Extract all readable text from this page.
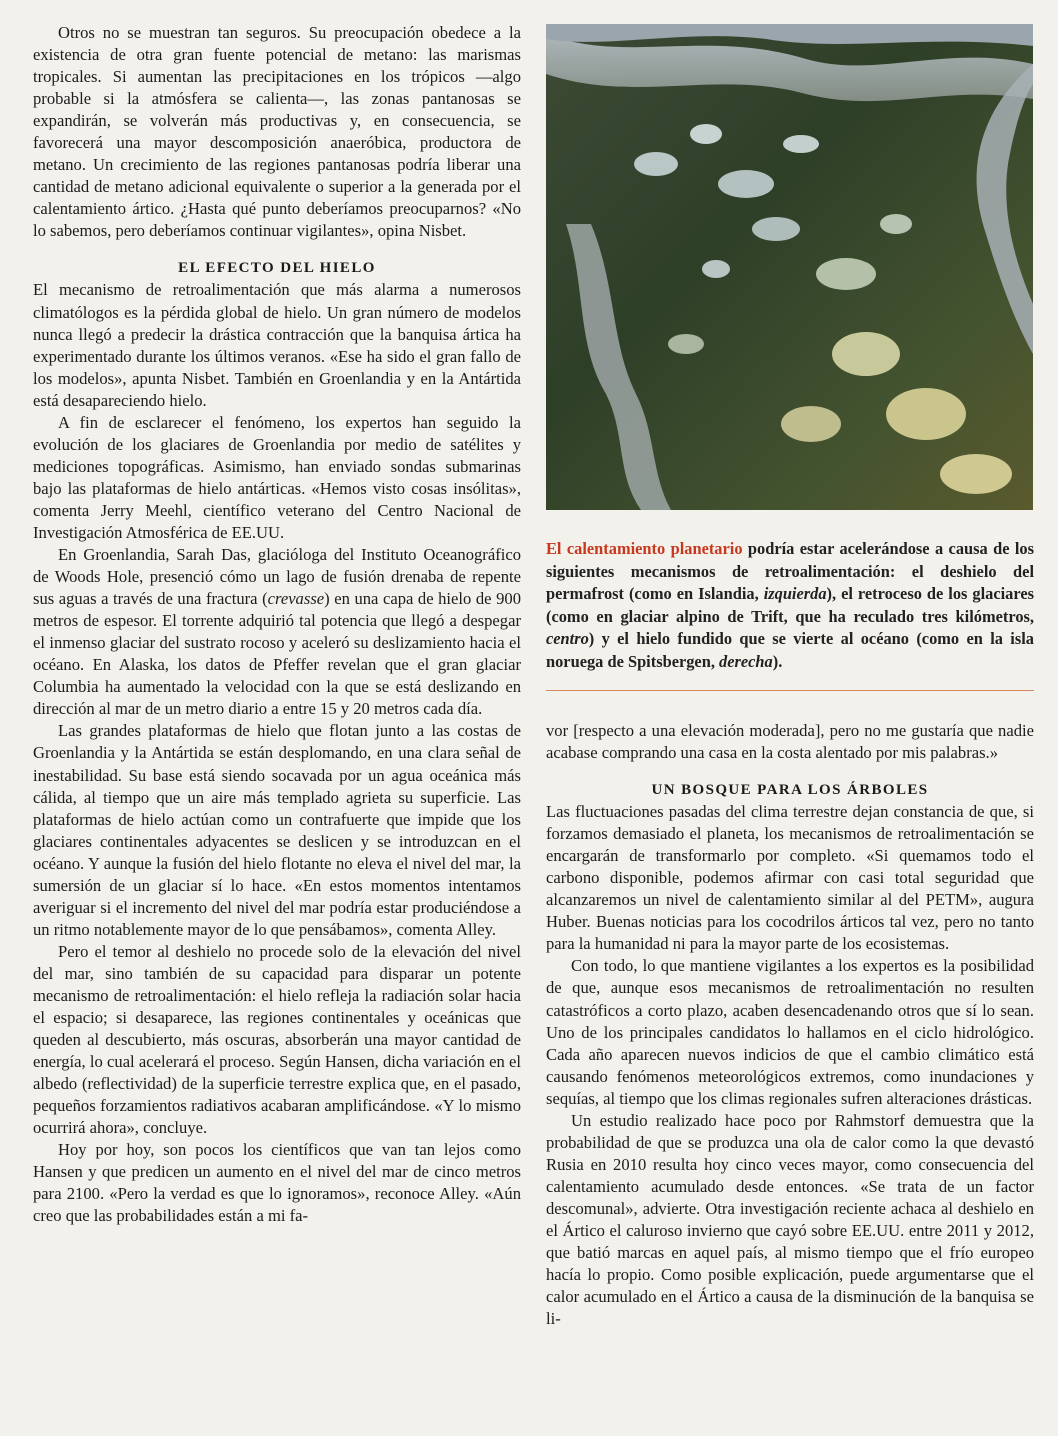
Otros no se muestran tan seguros. Su preocupación obedece a la existencia de otra gran fuente potencial de metano: las marismas tropicales. Si aumentan las precipitaciones en los trópicos —algo probable si la atmósfera se calienta—, las zonas pantanosas se expandirán, se volverán más productivas y, en consecuencia, se favorecerá una mayor descomposición anaeróbica, productora de metano. Un crecimiento de las regiones pantanosas podría liberar una cantidad de metano adicional equivalente o superior a la generada por el calentamiento ártico. ¿Hasta qué punto deberíamos preocuparnos? «No lo sabemos, pero deberíamos continuar vigilantes», opina Nisbet.

EL EFECTO DEL HIELO

El mecanismo de retroalimentación que más alarma a numerosos climatólogos es la pérdida global de hielo. Un gran número de modelos nunca llegó a predecir la drástica contracción que la banquisa ártica ha experimentado durante los últimos veranos. «Ese ha sido el gran fallo de los modelos», apunta Nisbet. También en Groenlandia y en la Antártida está desapareciendo hielo.

A fin de esclarecer el fenómeno, los expertos han seguido la evolución de los glaciares de Groenlandia por medio de satélites y mediciones topográficas. Asimismo, han enviado sondas submarinas bajo las plataformas de hielo antárticas. «Hemos visto cosas insólitas», comenta Jerry Meehl, científico veterano del Centro Nacional de Investigación Atmosférica de EE.UU.

En Groenlandia, Sarah Das, glacióloga del Instituto Oceanográfico de Woods Hole, presenció cómo un lago de fusión drenaba de repente sus aguas a través de una fractura (crevasse) en una capa de hielo de 900 metros de espesor. El torrente adquirió tal potencia que llegó a despegar el inmenso glaciar del sustrato rocoso y aceleró su deslizamiento hacia el océano. En Alaska, los datos de Pfeffer revelan que el gran glaciar Columbia ha aumentado la velocidad con la que se está deslizando en dirección al mar de un metro diario a entre 15 y 20 metros cada día.

Las grandes plataformas de hielo que flotan junto a las costas de Groenlandia y la Antártida se están desplomando, en una clara señal de inestabilidad. Su base está siendo socavada por un agua oceánica más cálida, al tiempo que un aire más templado agrieta su superficie. Las plataformas de hielo actúan como un contrafuerte que impide que los glaciares continentales adyacentes se deslicen y se introduzcan en el océano. Y aunque la fusión del hielo flotante no eleva el nivel del mar, la sumersión de un glaciar sí lo hace. «En estos momentos intentamos averiguar si el incremento del nivel del mar podría estar produciéndose a un ritmo notablemente mayor de lo que pensábamos», comenta Alley.

Pero el temor al deshielo no procede solo de la elevación del nivel del mar, sino también de su capacidad para disparar un potente mecanismo de retroalimentación: el hielo refleja la radiación solar hacia el espacio; si desaparece, las regiones continentales y oceánicas que queden al descubierto, más oscuras, absorberán una mayor cantidad de energía, lo cual acelerará el proceso. Según Hansen, dicha variación en el albedo (reflectividad) de la superficie terrestre explica que, en el pasado, pequeños forzamientos radiativos acabaran amplificándose. «Y lo mismo ocurrirá ahora», concluye.

Hoy por hoy, son pocos los científicos que van tan lejos como Hansen y que predicen un aumento en el nivel del mar de cinco metros para 2100. «Pero la verdad es que lo ignoramos», reconoce Alley. «Aún creo que las probabilidades están a mi fa-

El calentamiento planetario podría estar acelerándose a causa de los siguientes mecanismos de retroalimentación: el deshielo del permafrost (como en Islandia, izquierda), el retroceso de los glaciares (como en glaciar alpino de Trift, que ha reculado tres kilómetros, centro) y el hielo fundido que se vierte al océano (como en la isla noruega de Spitsbergen, derecha).

vor [respecto a una elevación moderada], pero no me gustaría que nadie acabase comprando una casa en la costa alentado por mis palabras.»

UN BOSQUE PARA LOS ÁRBOLES

Las fluctuaciones pasadas del clima terrestre dejan constancia de que, si forzamos demasiado el planeta, los mecanismos de retroalimentación se encargarán de transformarlo por completo. «Si quemamos todo el carbono disponible, podemos afirmar con casi total seguridad que alcanzaremos un nivel de calentamiento similar al del PETM», augura Huber. Buenas noticias para los cocodrilos árticos tal vez, pero no tanto para la humanidad ni para la mayor parte de los ecosistemas.

Con todo, lo que mantiene vigilantes a los expertos es la posibilidad de que, aunque esos mecanismos de retroalimentación no resulten catastróficos a corto plazo, acaben desencadenando otros que sí lo sean. Uno de los principales candidatos lo hallamos en el ciclo hidrológico. Cada año aparecen nuevos indicios de que el cambio climático está causando fenómenos meteorológicos extremos, como inundaciones y sequías, al tiempo que los climas regionales sufren alteraciones drásticas.

Un estudio realizado hace poco por Rahmstorf demuestra que la probabilidad de que se produzca una ola de calor como la que devastó Rusia en 2010 resulta hoy cinco veces mayor, como consecuencia del calentamiento acumulado desde entonces. «Se trata de un factor descomunal», advierte. Otra investigación reciente achaca al deshielo en el Ártico el caluroso invierno que cayó sobre EE.UU. entre 2011 y 2012, que batió marcas en aquel país, al mismo tiempo que el frío europeo hacía lo propio. Como posible explicación, puede argumentarse que el calor acumulado en el Ártico a causa de la disminución de la banquisa se li-
